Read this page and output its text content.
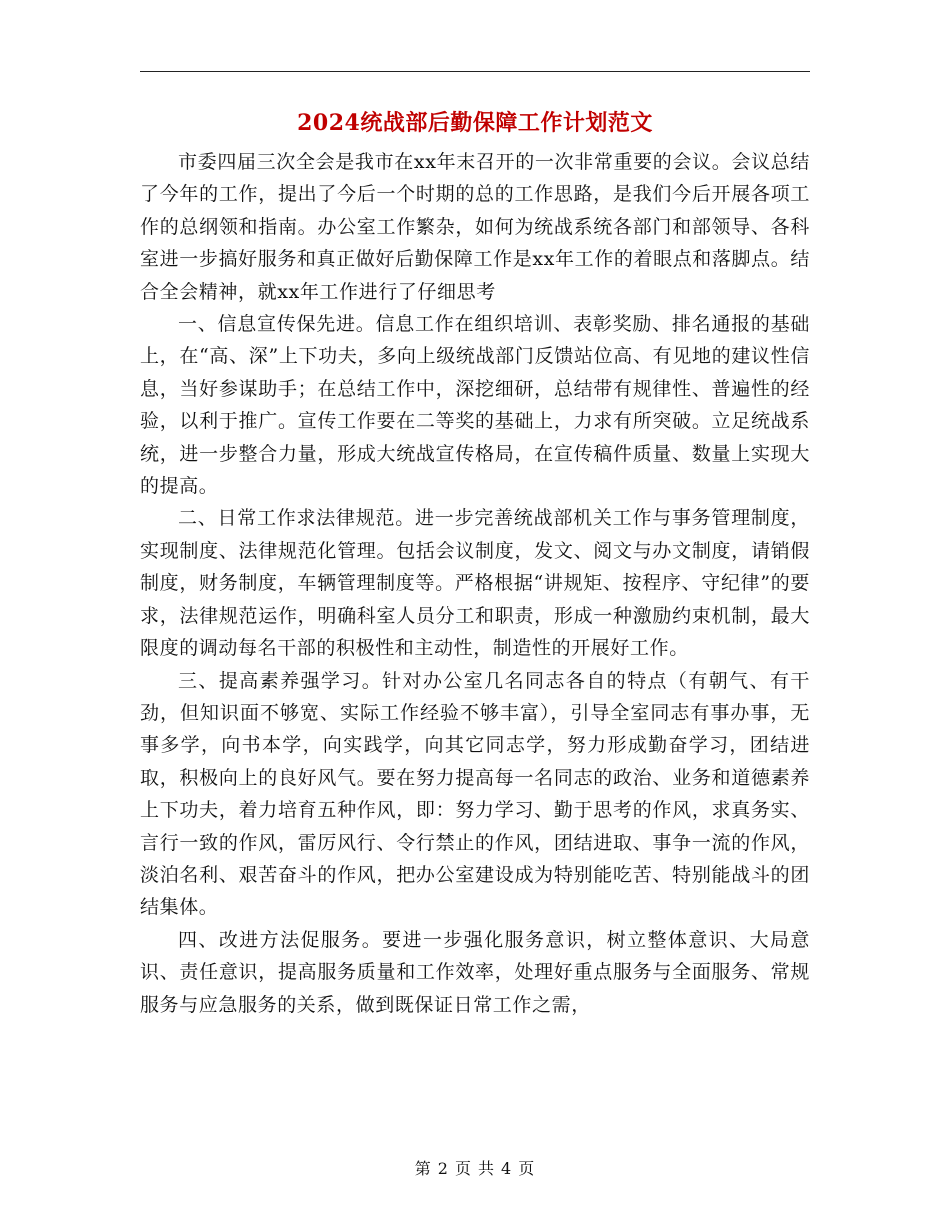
2024统战部后勤保障工作计划范文

市委四届三次全会是我市在xx年末召开的一次非常重要的会议。会议总结了今年的工作，提出了今后一个时期的总的工作思路，是我们今后开展各项工作的总纲领和指南。办公室工作繁杂，如何为统战系统各部门和部领导、各科室进一步搞好服务和真正做好后勤保障工作是xx年工作的着眼点和落脚点。结合全会精神，就xx年工作进行了仔细思考

一、信息宣传保先进。信息工作在组织培训、表彰奖励、排名通报的基础上，在“高、深”上下功夫，多向上级统战部门反馈站位高、有见地的建议性信息，当好参谋助手；在总结工作中，深挖细研，总结带有规律性、普遍性的经验，以利于推广。宣传工作要在二等奖的基础上，力求有所突破。立足统战系统，进一步整合力量，形成大统战宣传格局，在宣传稿件质量、数量上实现大的提高。

二、日常工作求法律规范。进一步完善统战部机关工作与事务管理制度，实现制度、法律规范化管理。包括会议制度，发文、阅文与办文制度，请销假制度，财务制度，车辆管理制度等。严格根据“讲规矩、按程序、守纪律”的要求，法律规范运作，明确科室人员分工和职责，形成一种激励约束机制，最大限度的调动每名干部的积极性和主动性，制造性的开展好工作。

三、提高素养强学习。针对办公室几名同志各自的特点（有朝气、有干劲，但知识面不够宽、实际工作经验不够丰富），引导全室同志有事办事，无事多学，向书本学，向实践学，向其它同志学，努力形成勤奋学习，团结进取，积极向上的良好风气。要在努力提高每一名同志的政治、业务和道德素养上下功夫，着力培育五种作风，即：努力学习、勤于思考的作风，求真务实、言行一致的作风，雷厉风行、令行禁止的作风，团结进取、事争一流的作风，淡泊名利、艰苦奋斗的作风，把办公室建设成为特别能吃苦、特别能战斗的团结集体。

四、改进方法促服务。要进一步强化服务意识，树立整体意识、大局意识、责任意识，提高服务质量和工作效率，处理好重点服务与全面服务、常规服务与应急服务的关系，做到既保证日常工作之需，

第 2 页 共 4 页
